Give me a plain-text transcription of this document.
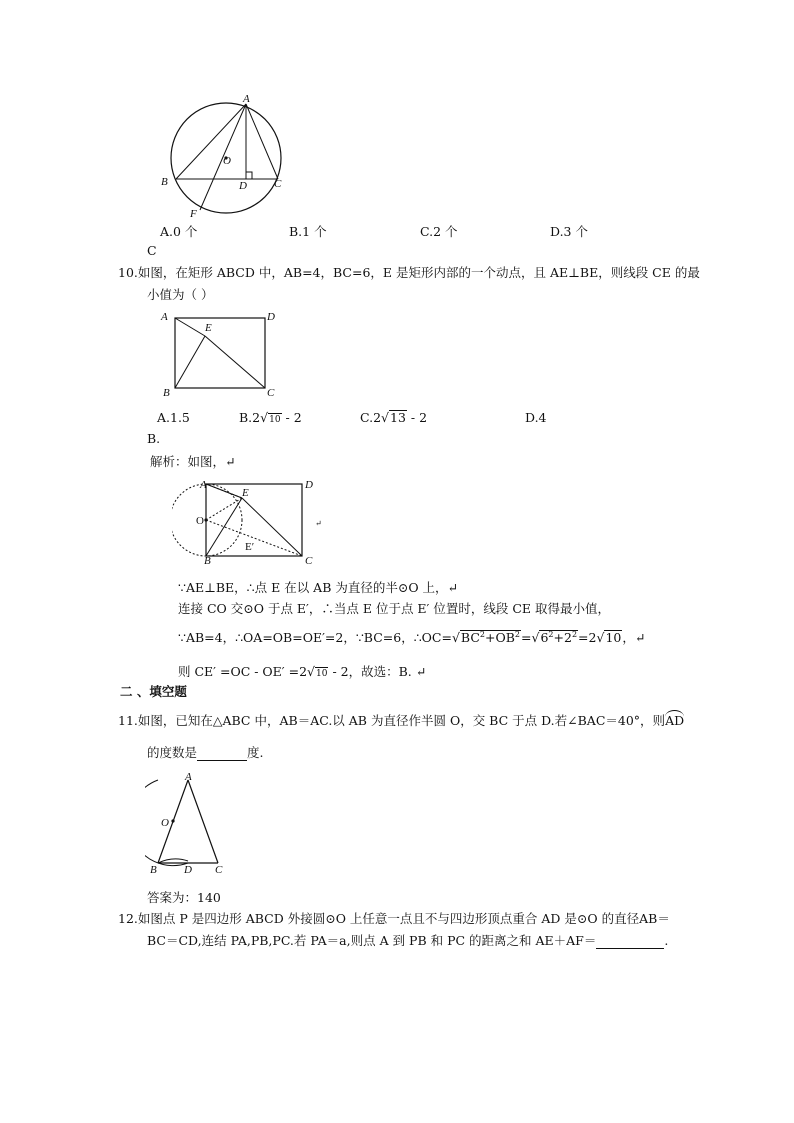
A
O
B	D C
F
A.0 个	B.1 个	C.2 个	D.3 个
C
10.如图，在矩形 ABCD 中，AB=4，BC=6，E 是矩形内部的一个动点，且 AE⊥BE，则线段 CE 的最
小值为（ ）
A
E
D
B	C
A.1.5	B.2√10 - 2	C.2√13 - 2	D.4
B.
解析：如图，↵
A
E
D
O
E′
B	C
↵
∵AE⊥BE，∴点 E 在以 AB 为直径的半⊙O 上，↵
连接 CO 交⊙O 于点 E′，∴当点 E 位于点 E′ 位置时，线段 CE 取得最小值，
∵AB=4，∴OA=OB=OE′=2，∵BC=6，$\therefore OC=√BC^2+OB^2=√6^2+2^2=2√10$，↵
则 CE′ =OC - OE′ =2√10 - 2，故选：B. ↵
二 、填空题
11.如图，已知在△ABC 中，AB＝AC.以 AB 为直径作半圆 O，交 BC 于点 D.若∠BAC＝40°，则AD
的度数是	度.
A
O
B D C
答案为：140
12.如图点 P 是四边形 ABCD 外接圆⊙O 上任意一点且不与四边形顶点重合 AD 是⊙O 的直径AB＝
BC＝CD,连结 PA,PB,PC.若 PA＝a,则点 A 到 PB 和 PC 的距离之和 AE＋AF＝	.
